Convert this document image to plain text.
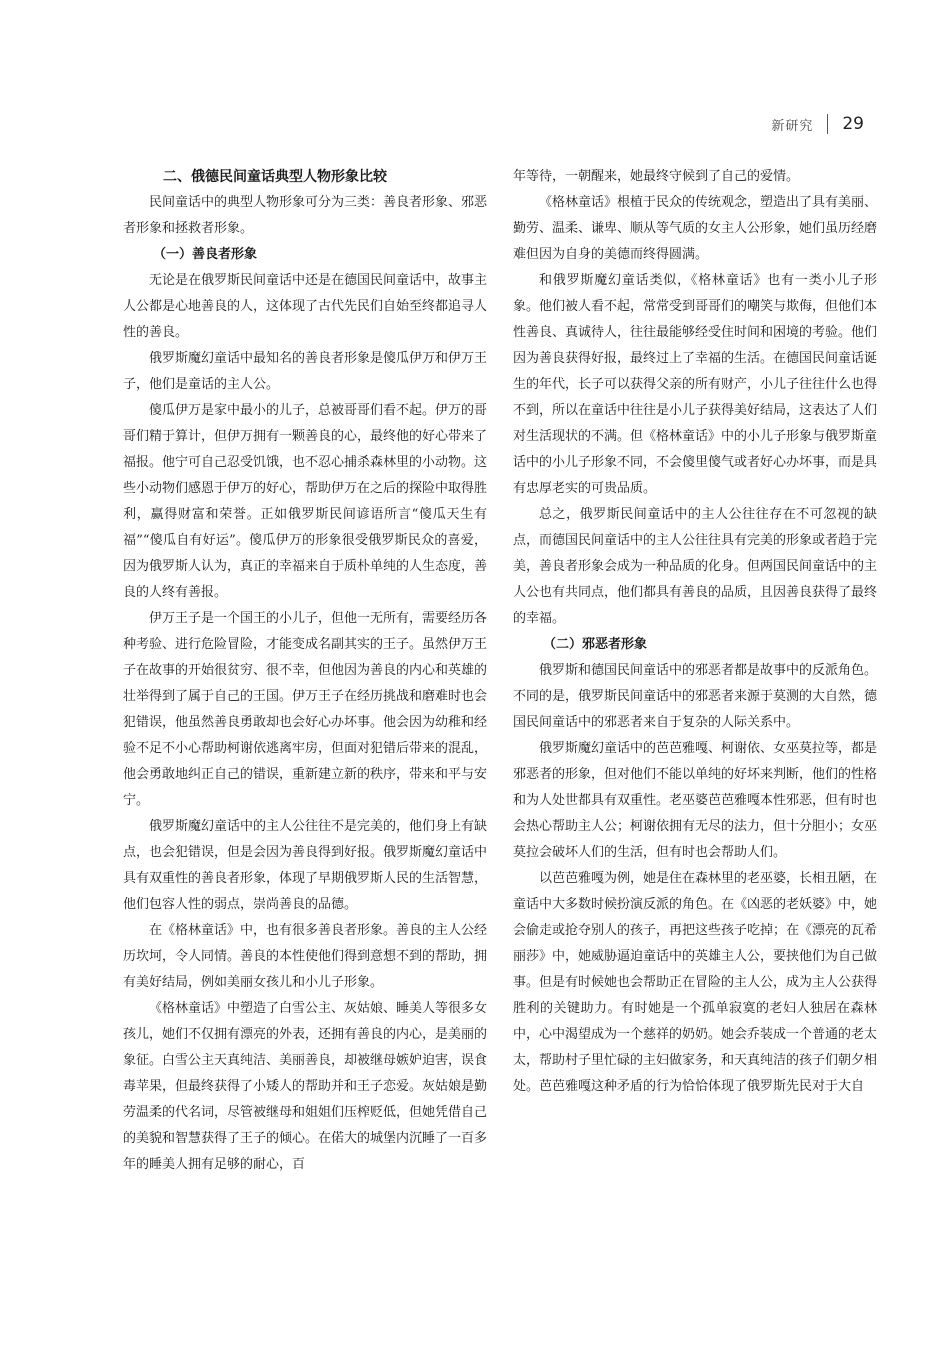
新研究 29
二、俄德民间童话典型人物形象比较

民间童话中的典型人物形象可分为三类：善良者形象、邪恶者形象和拯救者形象。

（一）善良者形象

无论是在俄罗斯民间童话中还是在德国民间童话中，故事主人公都是心地善良的人，这体现了古代先民们自始至终都追寻人性的善良。

俄罗斯魔幻童话中最知名的善良者形象是傻瓜伊万和伊万王子，他们是童话的主人公。

傻瓜伊万是家中最小的儿子，总被哥哥们看不起。伊万的哥哥们精于算计，但伊万拥有一颗善良的心，最终他的好心带来了福报。他宁可自己忍受饥饿，也不忍心捕杀森林里的小动物。这些小动物们感恩于伊万的好心，帮助伊万在之后的探险中取得胜利，赢得财富和荣誉。正如俄罗斯民间谚语所言“傻瓜天生有福”“傻瓜自有好运”。傻瓜伊万的形象很受俄罗斯民众的喜爱，因为俄罗斯人认为，真正的幸福来自于质朴单纯的人生态度，善良的人终有善报。

伊万王子是一个国王的小儿子，但他一无所有，需要经历各种考验、进行危险冒险，才能变成名副其实的王子。虽然伊万王子在故事的开始很贫穷、很不幸，但他因为善良的内心和英雄的壮举得到了属于自己的王国。伊万王子在经历挑战和磨难时也会犯错误，他虽然善良勇敢却也会好心办坏事。他会因为幼稚和经验不足不小心帮助柯谢依逃离牢房，但面对犯错后带来的混乱，他会勇敢地纠正自己的错误，重新建立新的秩序，带来和平与安宁。

俄罗斯魔幻童话中的主人公往往不是完美的，他们身上有缺点，也会犯错误，但是会因为善良得到好报。俄罗斯魔幻童话中具有双重性的善良者形象，体现了早期俄罗斯人民的生活智慧，他们包容人性的弱点，崇尚善良的品德。

在《格林童话》中，也有很多善良者形象。善良的主人公经历坎坷，令人同情。善良的本性使他们得到意想不到的帮助，拥有美好结局，例如美丽女孩儿和小儿子形象。

《格林童话》中塑造了白雪公主、灰姑娘、睡美人等很多女孩儿，她们不仅拥有漂亮的外表，还拥有善良的内心，是美丽的象征。白雪公主天真纯洁、美丽善良，却被继母嫉妒迫害，误食毒苹果，但最终获得了小矮人的帮助并和王子恋爱。灰姑娘是勤劳温柔的代名词，尽管被继母和姐姐们压榨贬低，但她凭借自己的美貌和智慧获得了王子的倾心。在偌大的城堡内沉睡了一百多年的睡美人拥有足够的耐心，百

年等待，一朝醒来，她最终守候到了自己的爱情。

《格林童话》根植于民众的传统观念，塑造出了具有美丽、勤劳、温柔、谦卑、顺从等气质的女主人公形象，她们虽历经磨难但因为自身的美德而终得圆满。

和俄罗斯魔幻童话类似，《格林童话》也有一类小儿子形象。他们被人看不起，常常受到哥哥们的嘲笑与欺侮，但他们本性善良、真诚待人，往往最能够经受住时间和困境的考验。他们因为善良获得好报，最终过上了幸福的生活。在德国民间童话诞生的年代，长子可以获得父亲的所有财产，小儿子往往什么也得不到，所以在童话中往往是小儿子获得美好结局，这表达了人们对生活现状的不满。但《格林童话》中的小儿子形象与俄罗斯童话中的小儿子形象不同，不会傻里傻气或者好心办坏事，而是具有忠厚老实的可贵品质。

总之，俄罗斯民间童话中的主人公往往存在不可忽视的缺点，而德国民间童话中的主人公往往具有完美的形象或者趋于完美，善良者形象会成为一种品质的化身。但两国民间童话中的主人公也有共同点，他们都具有善良的品质，且因善良获得了最终的幸福。

（二）邪恶者形象

俄罗斯和德国民间童话中的邪恶者都是故事中的反派角色。不同的是，俄罗斯民间童话中的邪恶者来源于莫测的大自然，德国民间童话中的邪恶者来自于复杂的人际关系中。

俄罗斯魔幻童话中的芭芭雅嘎、柯谢依、女巫莫拉等，都是邪恶者的形象，但对他们不能以单纯的好坏来判断，他们的性格和为人处世都具有双重性。老巫婆芭芭雅嘎本性邪恶，但有时也会热心帮助主人公；柯谢依拥有无尽的法力，但十分胆小；女巫莫拉会破坏人们的生活，但有时也会帮助人们。

以芭芭雅嘎为例，她是住在森林里的老巫婆，长相丑陋，在童话中大多数时候扮演反派的角色。在《凶恶的老妖婆》中，她会偷走或抢夺别人的孩子，再把这些孩子吃掉；在《漂亮的瓦希丽莎》中，她威胁逼迫童话中的英雄主人公，要挟他们为自己做事。但是有时候她也会帮助正在冒险的主人公，成为主人公获得胜利的关键助力。有时她是一个孤单寂寞的老妇人独居在森林中，心中渴望成为一个慈祥的奶奶。她会乔装成一个普通的老太太，帮助村子里忙碌的主妇做家务，和天真纯洁的孩子们朝夕相处。芭芭雅嘎这种矛盾的行为恰恰体现了俄罗斯先民对于大自
